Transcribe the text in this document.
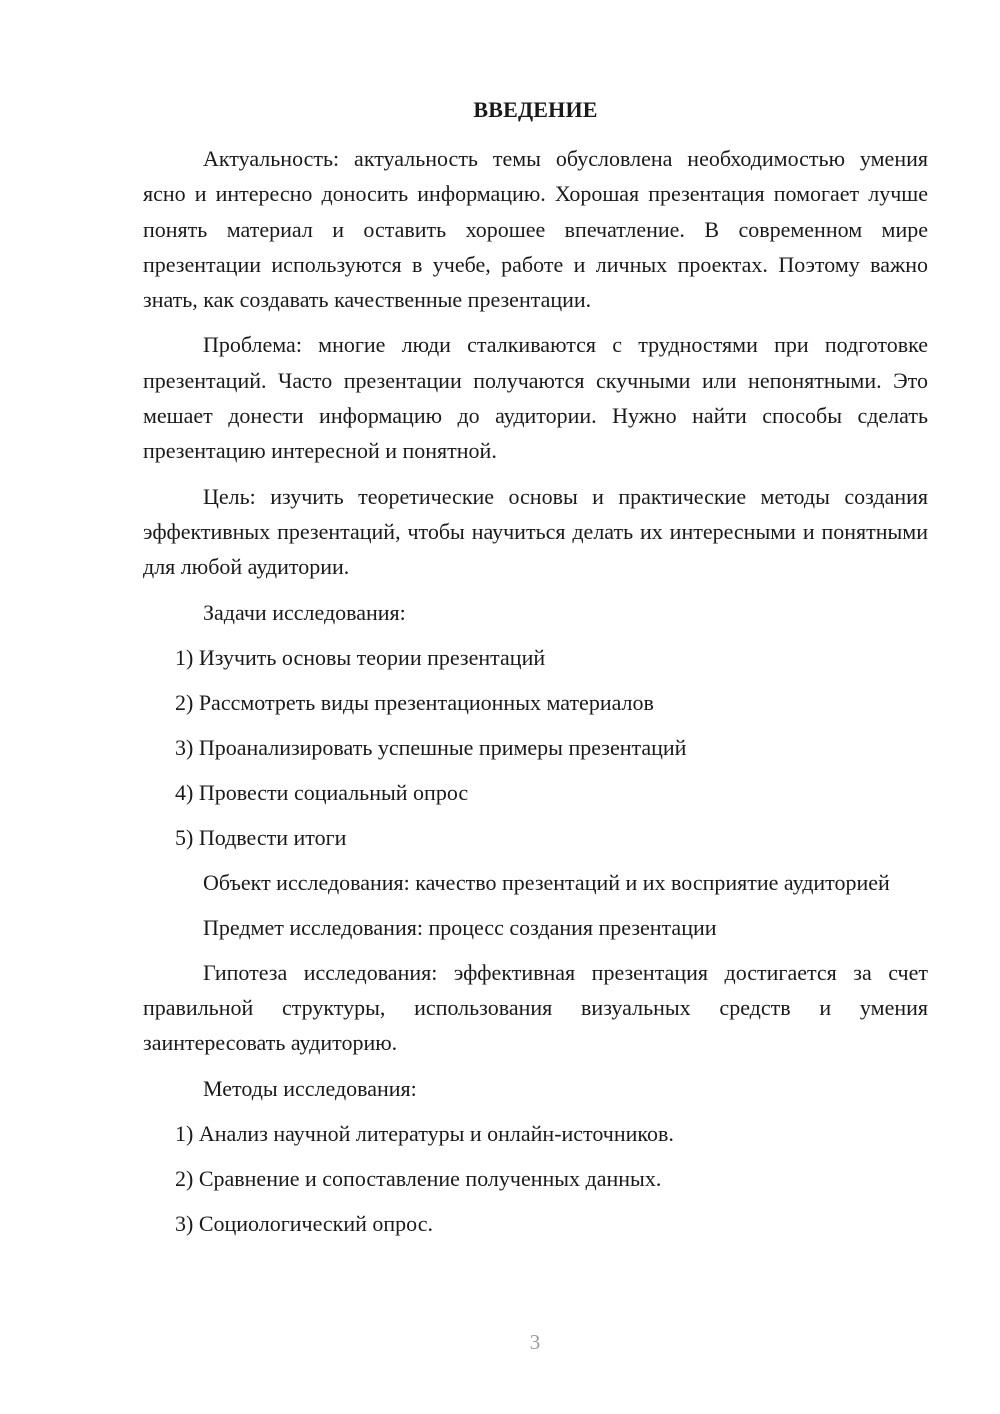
ВВЕДЕНИЕ

Актуальность: актуальность темы обусловлена необходимостью умения ясно и интересно доносить информацию. Хорошая презентация помогает лучше понять материал и оставить хорошее впечатление. В современном мире презентации используются в учебе, работе и личных проектах. Поэтому важно знать, как создавать качественные презентации.

Проблема: многие люди сталкиваются с трудностями при подготовке презентаций. Часто презентации получаются скучными или непонятными. Это мешает донести информацию до аудитории. Нужно найти способы сделать презентацию интересной и понятной.

Цель: изучить теоретические основы и практические методы создания эффективных презентаций, чтобы научиться делать их интересными и понятными для любой аудитории.

Задачи исследования:

1) Изучить основы теории презентаций
2) Рассмотреть виды презентационных материалов
3) Проанализировать успешные примеры презентаций
4) Провести социальный опрос
5) Подвести итоги

Объект исследования: качество презентаций и их восприятие аудиторией

Предмет исследования: процесс создания презентации

Гипотеза исследования: эффективная презентация достигается за счет правильной структуры, использования визуальных средств и умения заинтересовать аудиторию.

Методы исследования:

1) Анализ научной литературы и онлайн-источников.
2) Сравнение и сопоставление полученных данных.
3) Социологический опрос.
3
